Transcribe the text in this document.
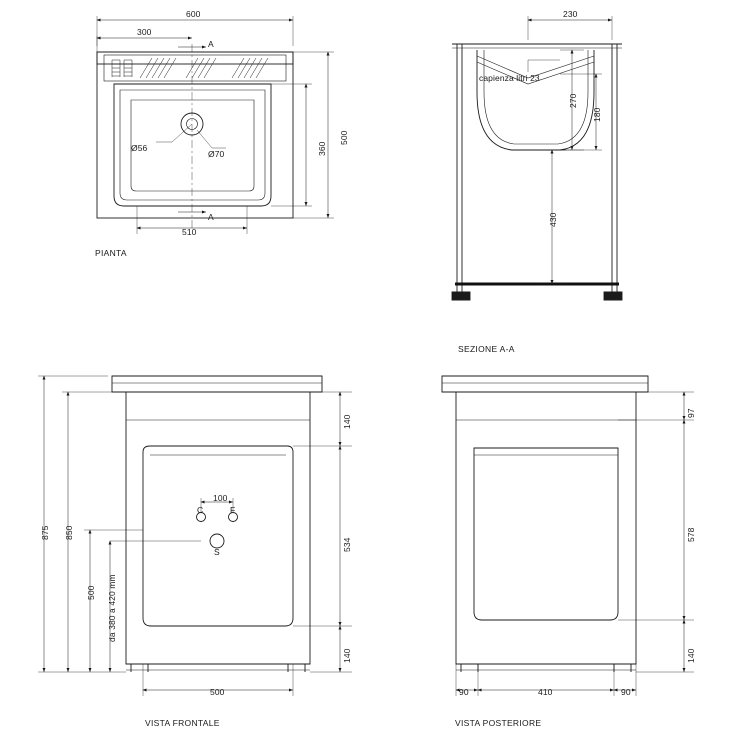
600
300
A
A
Ø56
Ø70
510
500
360
PIANTA
230
capienza litri 23
270
180
430
SEZIONE A-A
875 850
500 da 380 a 420 mm
100
C	F
S
140
534
140
500
VISTA FRONTALE
97
578
140
90	410	90
VISTA POSTERIORE
